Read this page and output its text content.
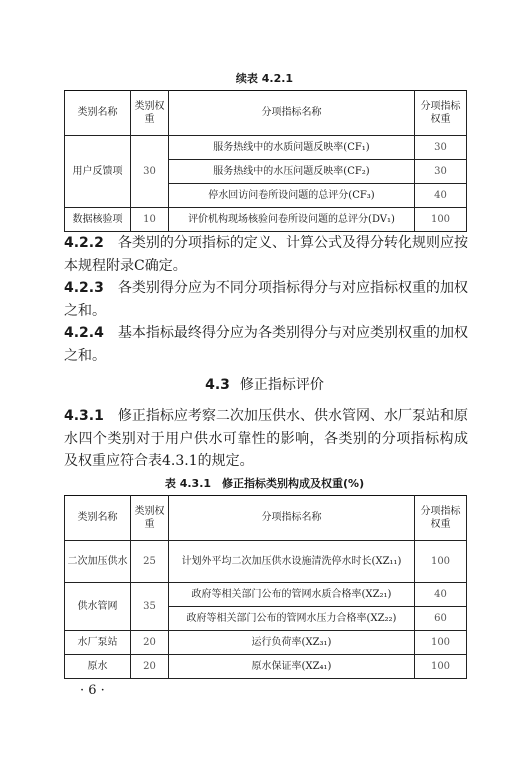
续表 4.2.1
类别名称	类别权重	分项指标名称	分项指标权重
用户反馈项	30	服务热线中的水质问题反映率(CF₁)	30
		服务热线中的水压问题反映率(CF₂)	30
		停水回访问卷所设问题的总评分(CF₃)	40
数据核验项	10	评价机构现场核验问卷所设问题的总评分(DV₁)	100
4.2.2　 各类别的分项指标的定义、计算公式及得分转化规则应按本规程附录C确定。
4.2.3　 各类别得分应为不同分项指标得分与对应指标权重的加权之和。
4.2.4　 基本指标最终得分应为各类别得分与对应类别权重的加权之和。
4.3 修正指标评价
4.3.1　 修正指标应考察二次加压供水、供水管网、水厂泵站和原水四个类别对于用户供水可靠性的影响，各类别的分项指标构成及权重应符合表4.3.1的规定。
表 4.3.1　修正指标类别构成及权重(%)
类别名称	类别权重	分项指标名称	分项指标权重
二次加压供水	25	计划外平均二次加压供水设施清洗停水时长(XZ₁₁)	100
供水管网	35	政府等相关部门公布的管网水质合格率(XZ₂₁)	40
		政府等相关部门公布的管网水压力合格率(XZ₂₂)	60
水厂泵站	20	运行负荷率(XZ₃₁)	100
原水	20	原水保证率(XZ₄₁)	100
· 6 ·
